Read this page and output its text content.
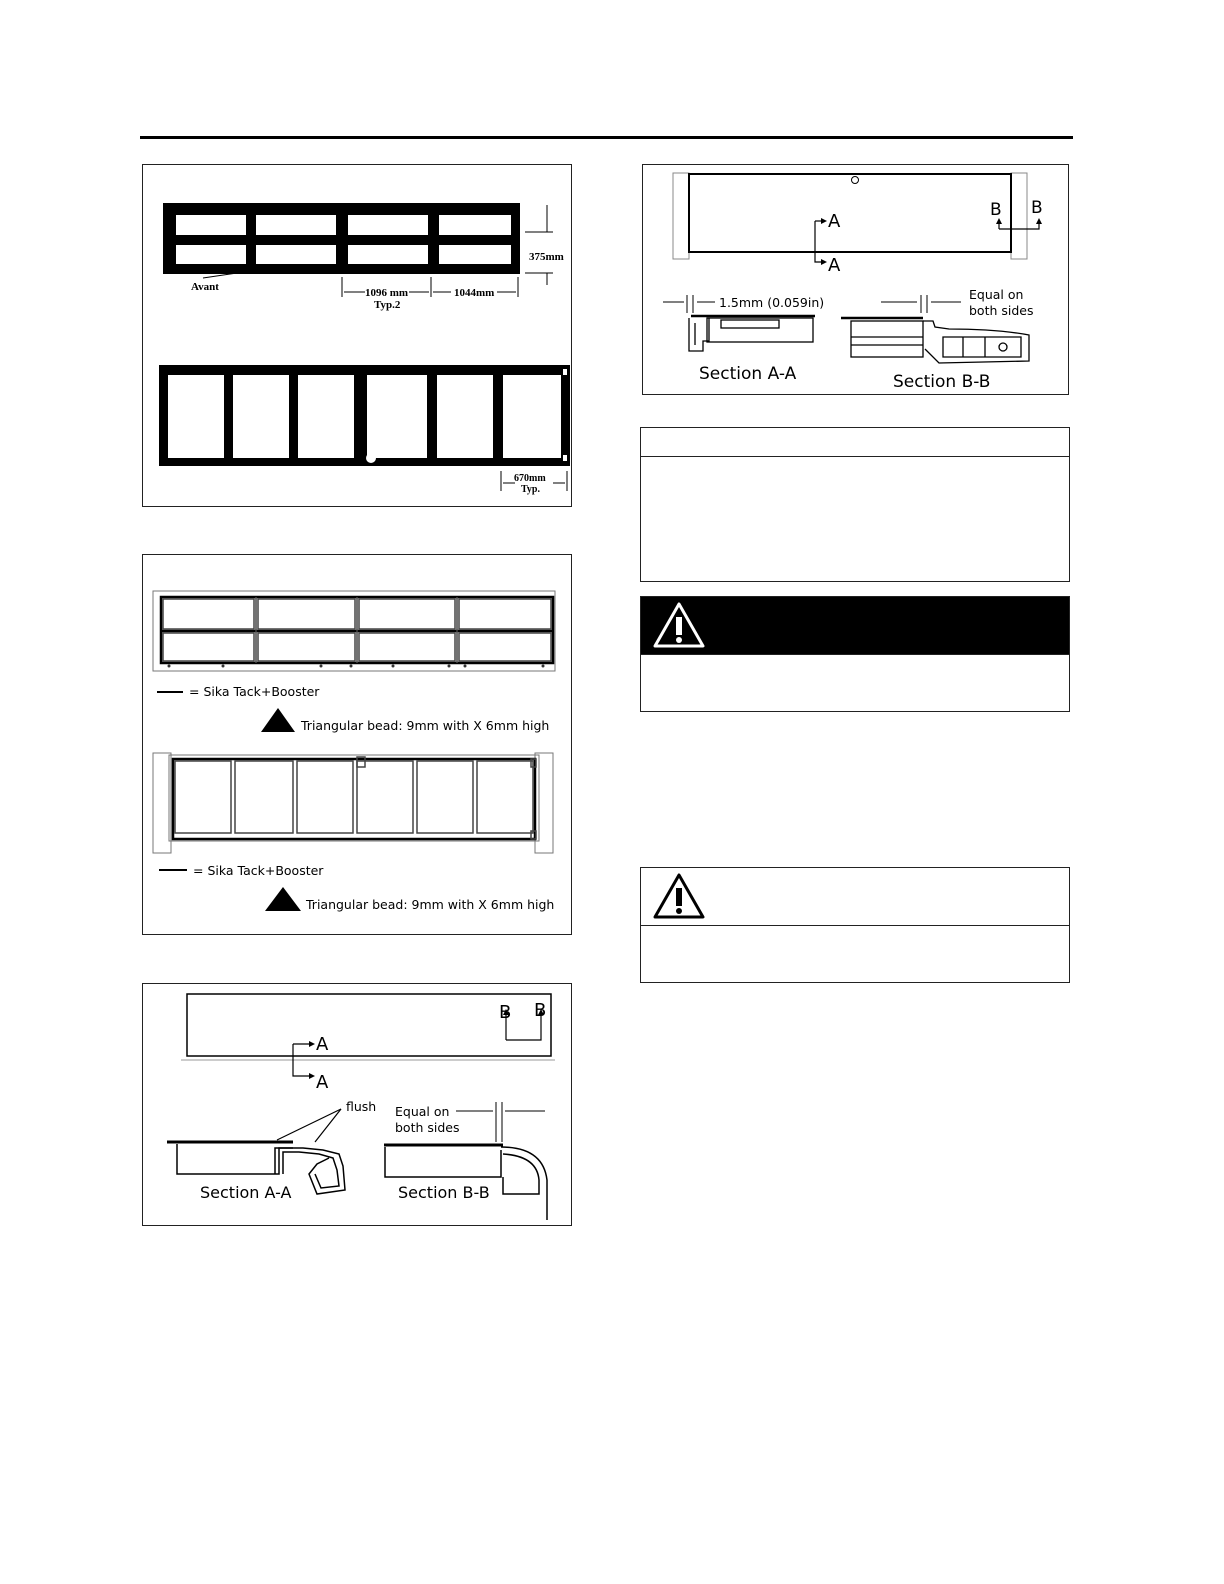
Avant
375mm
1096 mm
Typ.2
1044mm
670mm
Typ.
= Sika Tack+Booster
Triangular bead: 9mm with X 6mm high
= Sika Tack+Booster
Triangular bead: 9mm with X 6mm high
A
A
B B
flush
Section A-A
Equal on
both sides
Section B-B
A
A
B B
1.5mm (0.059in)
Section A-A
Equal on
both sides
Section B-B
